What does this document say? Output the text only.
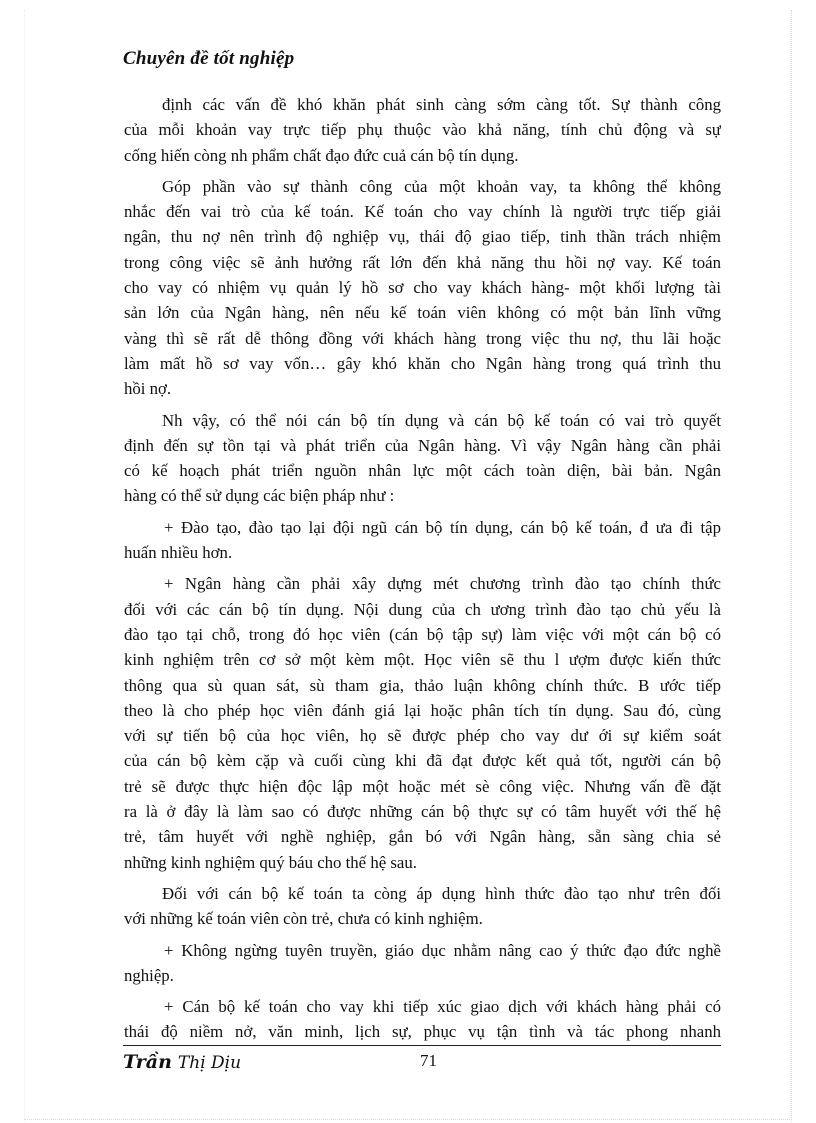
Chuyên đề tốt nghiệp
định các vấn đề khó khăn phát sinh càng sớm càng tốt. Sự thành công
của mỗi khoản vay trực tiếp phụ thuộc vào khả năng, tính chủ động và sự
cống hiến còng nh phẩm chất đạo đức cuả cán bộ tín dụng.
Góp phần vào sự thành công của một khoản vay, ta không thể không
nhắc đến vai trò của kế toán. Kế toán cho vay chính là người trực tiếp giải
ngân, thu nợ nên trình độ nghiệp vụ, thái độ giao tiếp, tinh thần trách nhiệm
trong công việc sẽ ảnh hưởng rất lớn đến khả năng thu hồi nợ vay. Kế toán
cho vay có nhiệm vụ quản lý hồ sơ cho vay khách hàng- một khối lượng tài
sản lớn của Ngân hàng, nên nếu kế toán viên không có một bản lĩnh vững
vàng thì sẽ rất dễ thông đồng với khách hàng trong việc thu nợ, thu lãi hoặc
làm mất hồ sơ vay vốn… gây khó khăn cho Ngân hàng trong quá trình thu
hồi nợ.
Nh vậy, có thể nói cán bộ tín dụng và cán bộ kế toán có vai trò quyết
định đến sự tồn tại và phát triển của Ngân hàng. Vì vậy Ngân hàng cần phải
có kế hoạch phát triển nguồn nhân lực một cách toàn diện, bài bản. Ngân
hàng có thể sử dụng các biện pháp như :
+ Đào tạo, đào tạo lại đội ngũ cán bộ tín dụng, cán bộ kế toán, đ ưa đi tập
huấn nhiều hơn.
+ Ngân hàng cần phải xây dựng mét chương trình đào tạo chính thức
đối với các cán bộ tín dụng. Nội dung của ch ương trình đào tạo chủ yếu là
đào tạo tại chỗ, trong đó học viên (cán bộ tập sự) làm việc với một cán bộ có
kinh nghiệm trên cơ sở một kèm một. Học viên sẽ thu l ượm được kiến thức
thông qua sù quan sát, sù tham gia, thảo luận không chính thức. B ước tiếp
theo là cho phép học viên đánh giá lại hoặc phân tích tín dụng. Sau đó, cùng
với sự tiến bộ của học viên, họ sẽ được phép cho vay dư ới sự kiểm soát
của cán bộ kèm cặp và cuối cùng khi đã đạt được kết quả tốt, người cán bộ
trẻ sẽ được thực hiện độc lập một hoặc mét sè công việc. Nhưng vấn đề đặt
ra là ở đây là làm sao có được những cán bộ thực sự có tâm huyết với thế hệ
trẻ, tâm huyết với nghề nghiệp, gắn bó với Ngân hàng, sẵn sàng chia sẻ
những kinh nghiệm quý báu cho thế hệ sau.
Đối với cán bộ kế toán ta còng áp dụng hình thức đào tạo như trên đối
với những kế toán viên còn trẻ, chưa có kinh nghiệm.
+ Không ngừng tuyên truyền, giáo dục nhằm nâng cao ý thức đạo đức nghề
nghiệp.
+ Cán bộ kế toán cho vay khi tiếp xúc giao dịch với khách hàng phải có
thái độ niềm nở, văn minh, lịch sự, phục vụ tận tình và tác phong nhanh
Trần Thị Dịu	71
